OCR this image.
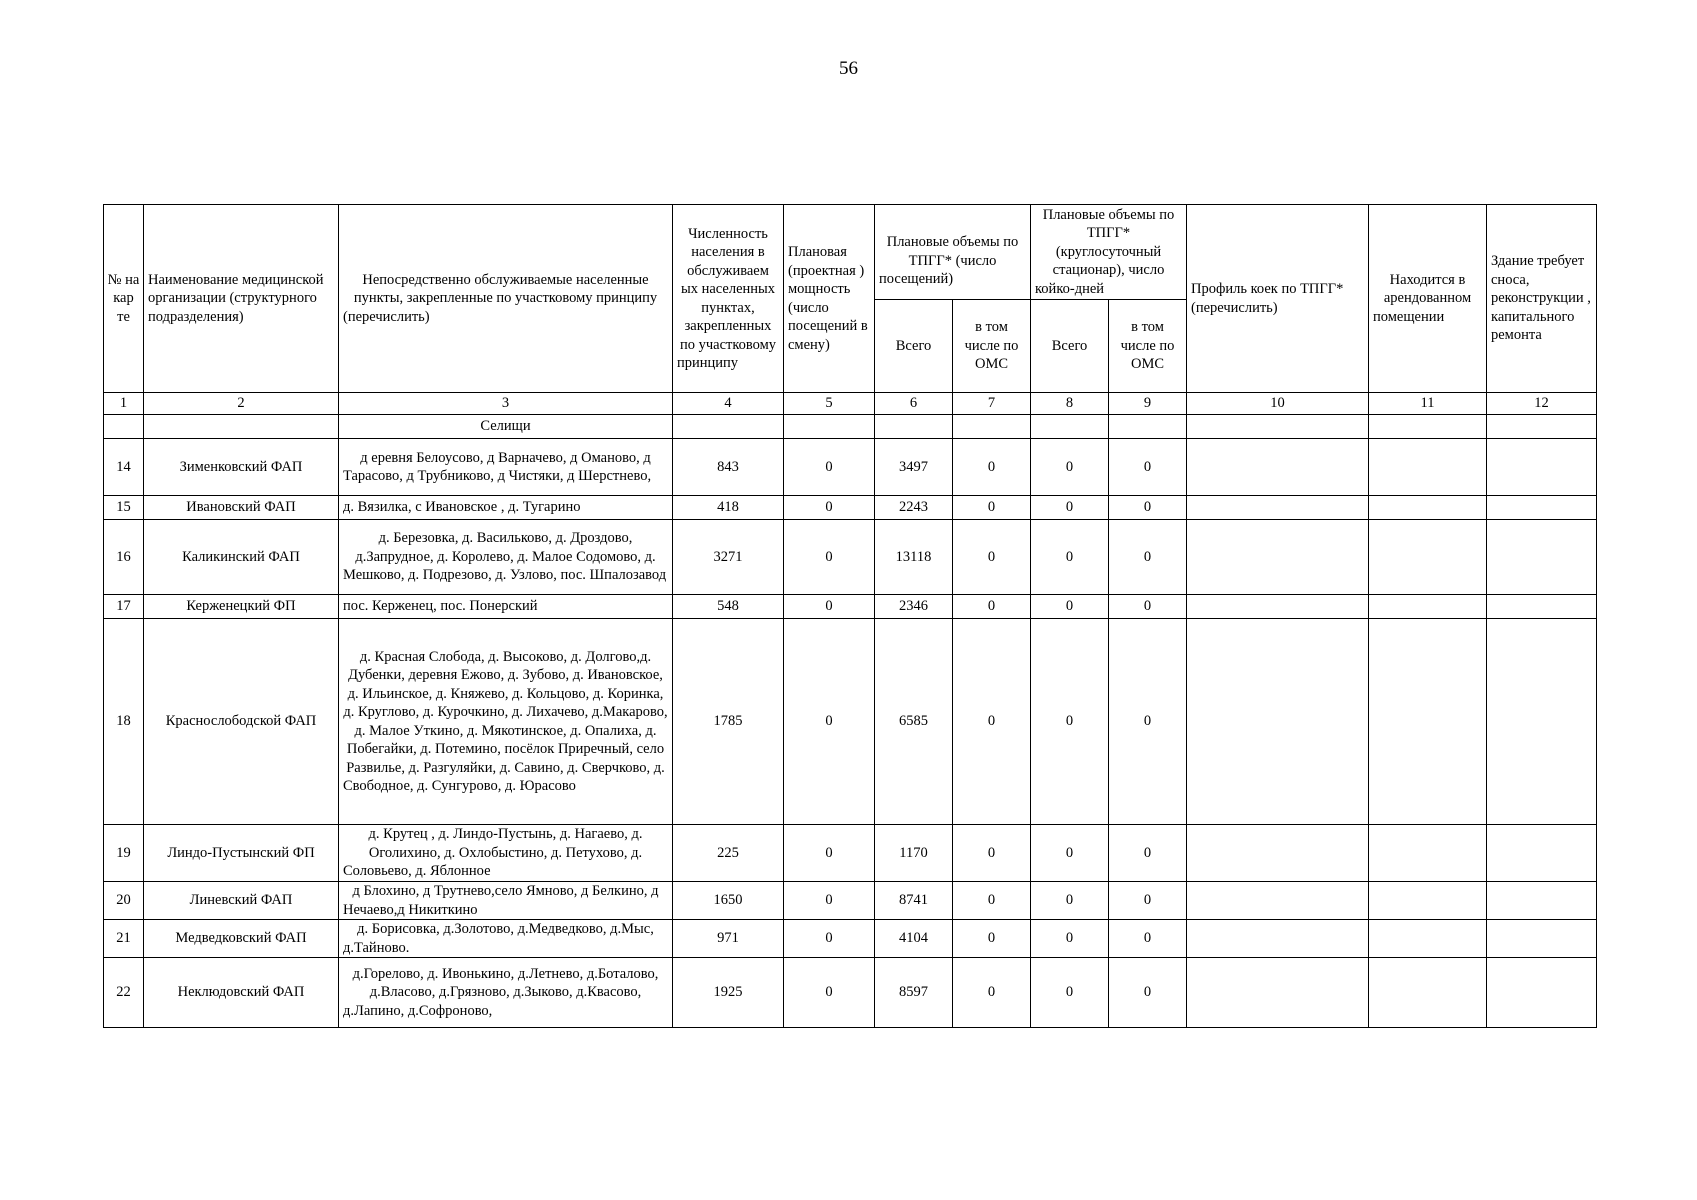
56
№ на кар те	Наименование медицинской организации (структурного подразделения)	Непосредственно обслуживаемые населенные пункты, закрепленные по участковому принципу (перечислить)	Численность населения в обслуживаем ых населенных пунктах, закрепленных по участковому принципу	Плановая (проектная ) мощность (число посещений в смену)	Плановые объемы по ТПГГ* (число посещений)		Плановые объемы по ТПГГ* (круглосуточный стационар), число койко-дней		Профиль коек по ТПГГ* (перечислить)	Находится в арендованном помещении	Здание требует сноса, реконструкции , капитального ремонта
					Всего	в том числе по ОМС	Всего	в том числе по ОМС			
1	2	3	4	5	6	7	8	9	10	11	12
		Селищи									
14	Зименковский ФАП	д еревня Белоусово, д Варначево, д Оманово, д Тарасово, д Трубниково, д Чистяки, д Шерстнево,	843	0	3497	0	0	0			
15	Ивановский ФАП	д. Вязилка, с Ивановское , д. Тугарино	418	0	2243	0	0	0			
16	Каликинский ФАП	д. Березовка, д. Васильково, д. Дроздово, д.Запрудное, д. Королево, д. Малое Содомово, д. Мешково, д. Подрезово, д. Узлово, пос. Шпалозавод	3271	0	13118	0	0	0			
17	Керженецкий ФП	пос. Керженец, пос. Понерский	548	0	2346	0	0	0			
18	Краснослободской ФАП	д. Красная Слобода, д. Высоково, д. Долгово,д. Дубенки, деревня Ежово, д. Зубово, д. Ивановское, д. Ильинское, д. Княжево, д. Кольцово, д. Коринка, д. Круглово, д. Курочкино, д. Лихачево, д.Макарово, д. Малое Уткино, д. Мякотинское, д. Опалиха, д. Побегайки, д. Потемино, посёлок Приречный, село Развилье, д. Разгуляйки, д. Савино, д. Сверчково, д. Свободное, д. Сунгурово, д. Юрасово	1785	0	6585	0	0	0			
19	Линдо-Пустынский ФП	д. Крутец , д. Линдо-Пустынь, д. Нагаево, д. Оголихино, д. Охлобыстино, д. Петухово, д. Соловьево, д. Яблонное	225	0	1170	0	0	0			
20	Линевский ФАП	д Блохино, д Трутнево,село Ямново, д Белкино, д Нечаево,д Никиткино	1650	0	8741	0	0	0			
21	Медведковский ФАП	д. Борисовка, д.Золотово, д.Медведково, д.Мыс, д.Тайново.	971	0	4104	0	0	0			
22	Неклюдовский ФАП	д.Горелово, д. Ивонькино, д.Летнево, д.Боталово, д.Власово, д.Грязново, д.Зыково, д.Квасово, д.Лапино, д.Софроново,	1925	0	8597	0	0	0			
